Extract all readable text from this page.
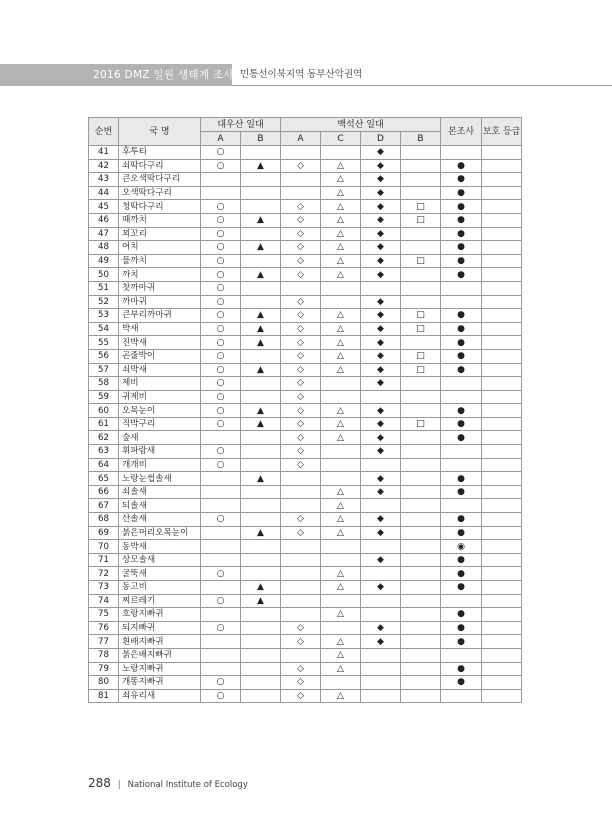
2016 DMZ 일원 생태계 조사 민통선이북지역 동부산악권역
순번	국 명	대우산 일대		백석산 일대				본조사	보호 등급
		A	B	A	C	D	B		
41	후투티	○				◆			
42	쇠딱다구리	○	▲	◇	△	◆		●	
43	큰오색딱다구리				△	◆		●	
44	오색딱다구리				△	◆		●	
45	청딱다구리	○		◇	△	◆	□	●	
46	때까치	○	▲	◇	△	◆	□	●	
47	꾀꼬리	○		◇	△	◆		●	
48	어치	○	▲	◇	△	◆		●	
49	물까치	○		◇	△	◆	□	●	
50	까치	○	▲	◇	△	◆		●	
51	찻까마귀	○							
52	까마귀	○		◇		◆			
53	큰부리까마귀	○	▲	◇	△	◆	□	●	
54	박새	○	▲	◇	△	◆	□	●	
55	진박새	○	▲	◇	△	◆		●	
56	곤줄박이	○		◇	△	◆	□	●	
57	쇠박새	○	▲	◇	△	◆	□	●	
58	제비	○		◇		◆			
59	귀제비	○		◇					
60	오목눈이	○	▲	◇	△	◆		●	
61	직박구리	○	▲	◇	△	◆	□	●	
62	숲새			◇	△	◆		●	
63	휘파람새	○		◇		◆			
64	개개비	○		◇					
65	노랑눈썹솔새		▲			◆		●	
66	쇠솔새				△	◆		●	
67	되솔새				△				
68	산솔새	○		◇	△	◆		●	
69	붉은머리오목눈이		▲	◇	△	◆		●	
70	동박새							◉	
71	상모솔새					◆		●	
72	굴뚝새	○			△			●	
73	동고비		▲		△	◆		●	
74	찌르레기	○	▲						
75	호랑지빠귀				△			●	
76	되지빠귀	○		◇		◆		●	
77	흰배지빠귀			◇	△	◆		●	
78	붉은배지빠귀				△				
79	노랑지빠귀			◇	△			●	
80	개똥지빠귀	○		◇				●	
81	쇠유리새	○		◇	△				
288 | National Institute of Ecology
